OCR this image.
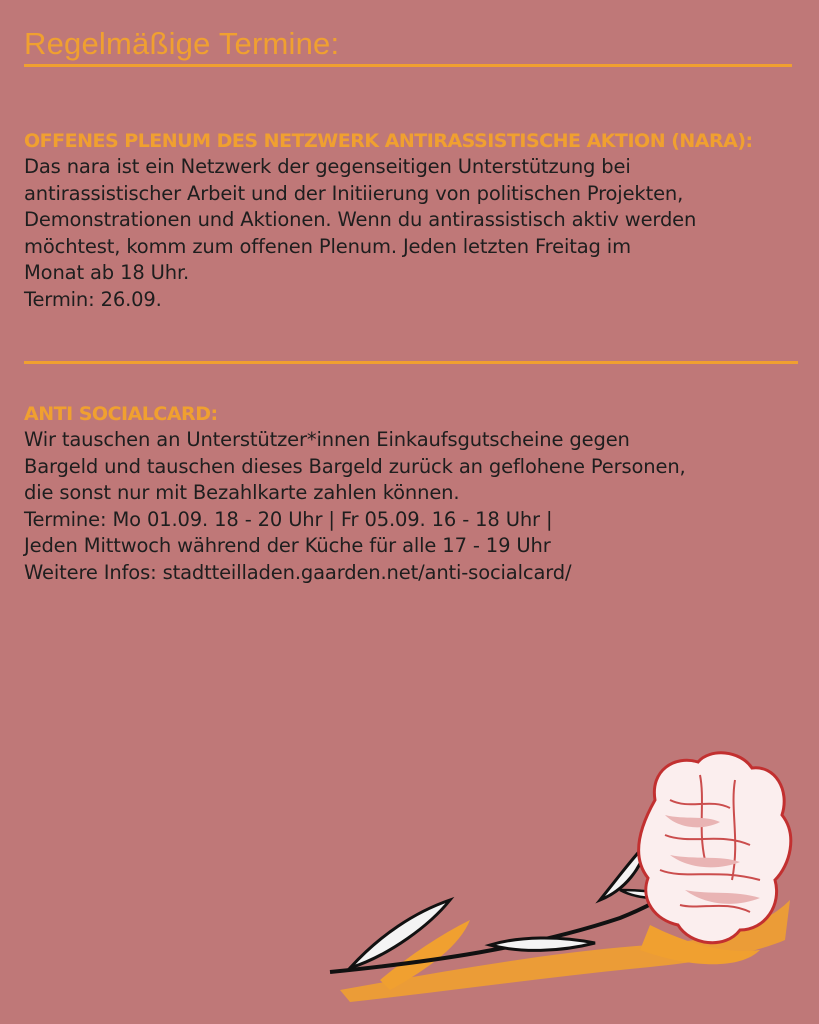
Regelmäßige Termine:
OFFENES PLENUM DES NETZWERK ANTIRASSISTISCHE AKTION (NARA):

Das nara ist ein Netzwerk der gegenseitigen Unterstützung bei
antirassistischer Arbeit und der Initiierung von politischen Projekten,
Demonstrationen und Aktionen. Wenn du antirassistisch aktiv werden
möchtest, komm zum offenen Plenum. Jeden letzten Freitag im
Monat ab 18 Uhr.
Termin: 26.09.

ANTI SOCIALCARD:

Wir tauschen an Unterstützer*innen Einkaufsgutscheine gegen
Bargeld und tauschen dieses Bargeld zurück an geflohene Personen,
die sonst nur mit Bezahlkarte zahlen können.
Termine: Mo 01.09. 18 - 20 Uhr | Fr 05.09. 16 - 18 Uhr |
Jeden Mittwoch während der Küche für alle 17 - 19 Uhr
Weitere Infos: stadtteilladen.gaarden.net/anti-socialcard/
